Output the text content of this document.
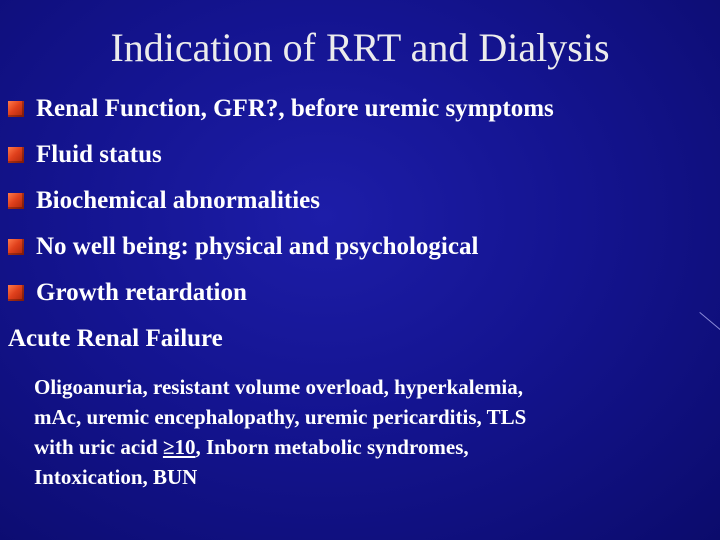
Indication of RRT and Dialysis
Renal Function, GFR?, before uremic symptoms
Fluid status
Biochemical abnormalities
No well being: physical and psychological
Growth retardation
Acute Renal Failure

Oligoanuria, resistant volume overload, hyperkalemia,
mAc, uremic encephalopathy, uremic pericarditis, TLS
with uric acid ≥10, Inborn metabolic syndromes,
Intoxication, BUN
